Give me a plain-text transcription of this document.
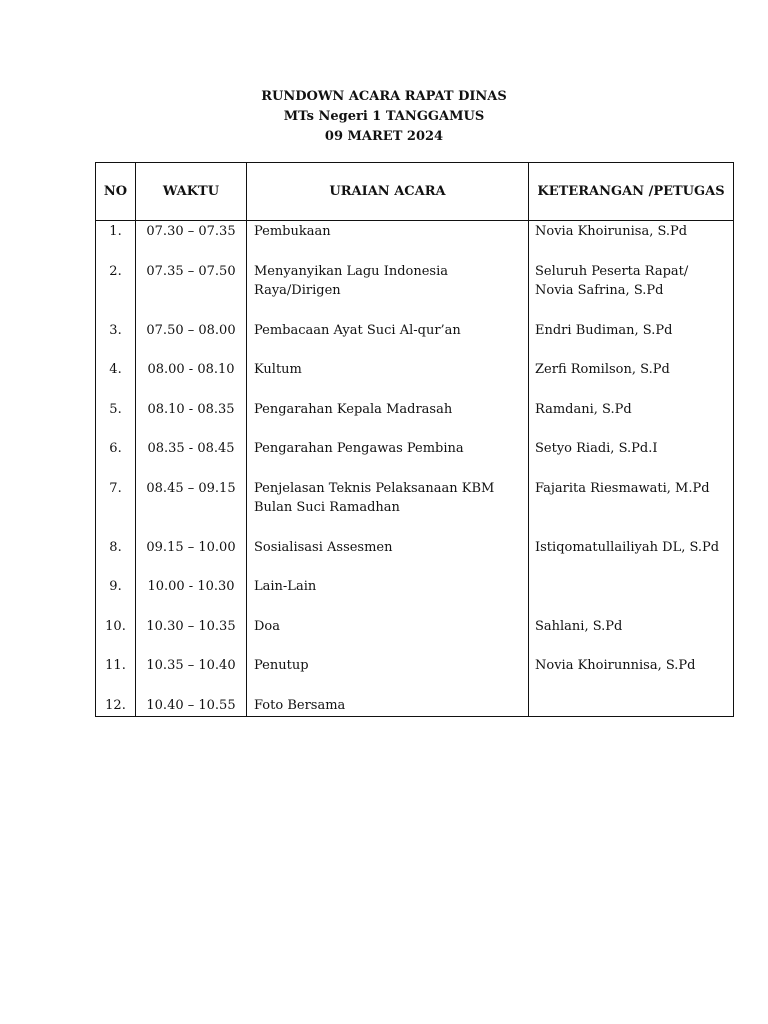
RUNDOWN ACARA RAPAT DINAS

MTs Negeri 1 TANGGAMUS

09 MARET 2024

NO	WAKTU	URAIAN ACARA	KETERANGAN /PETUGAS
1.	07.30 – 07.35	Pembukaan	Novia Khoirunisa, S.Pd
2.	07.35 – 07.50	Menyanyikan Lagu Indonesia Raya/Dirigen	Seluruh Peserta Rapat/
Novia Safrina, S.Pd
3.	07.50 – 08.00	Pembacaan Ayat Suci Al-qur’an	Endri Budiman, S.Pd
4.	08.00 - 08.10	Kultum	Zerfi Romilson, S.Pd
5.	08.10 - 08.35	Pengarahan Kepala Madrasah	Ramdani, S.Pd
6.	08.35 - 08.45	Pengarahan Pengawas Pembina	Setyo Riadi, S.Pd.I
7.	08.45 – 09.15	Penjelasan Teknis Pelaksanaan KBM Bulan Suci Ramadhan	Fajarita Riesmawati, M.Pd
8.	09.15 – 10.00	Sosialisasi Assesmen	Istiqomatullailiyah DL, S.Pd
9.	10.00 - 10.30	Lain-Lain	
10.	10.30 – 10.35	Doa	Sahlani, S.Pd
11.	10.35 – 10.40	Penutup	Novia Khoirunnisa, S.Pd
12.	10.40 – 10.55	Foto Bersama	
